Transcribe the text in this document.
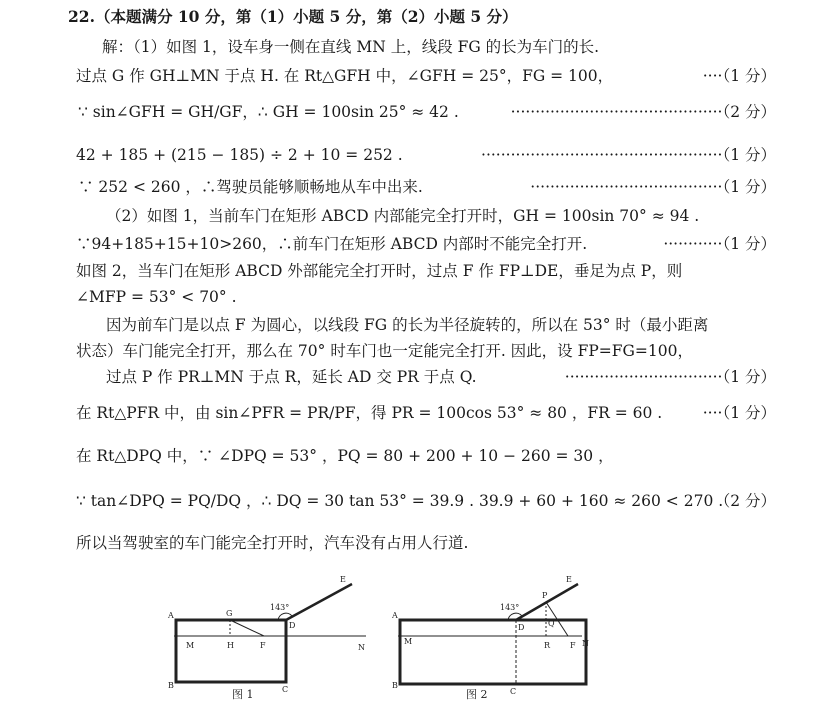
22.（本题满分 10 分，第（1）小题 5 分，第（2）小题 5 分）
解：（1）如图 1，设车身一侧在直线 MN 上，线段 FG 的长为车门的长.
过点 G 作 GH⊥MN 于点 H. 在 Rt△GFH 中，∠GFH = 25°，FG = 100，	····（1 分）
∵ sin∠GFH = GH/GF，∴ GH = 100sin 25° ≈ 42 .	···········································（2 分）
42 + 185 + (215 − 185) ÷ 2 + 10 = 252 .	·················································（1 分）
∵ 252 < 260 ，∴驾驶员能够顺畅地从车中出来.	·······································（1 分）
（2）如图 1，当前车门在矩形 ABCD 内部能完全打开时，GH = 100sin 70° ≈ 94 .
∵94+185+15+10>260，∴前车门在矩形 ABCD 内部时不能完全打开.	············（1 分）
如图 2，当车门在矩形 ABCD 外部能完全打开时，过点 F 作 FP⊥DE，垂足为点 P，则
∠MFP = 53° < 70° .
因为前车门是以点 F 为圆心，以线段 FG 的长为半径旋转的，所以在 53° 时（最小距离
状态）车门能完全打开，那么在 70° 时车门也一定能完全打开. 因此，设 FP=FG=100，
过点 P 作 PR⊥MN 于点 R，延长 AD 交 PR 于点 Q.	································（1 分）
在 Rt△PFR 中，由 sin∠PFR = PR/PF，得 PR = 100cos 53° ≈ 80 ，FR = 60 .	····（1 分）
在 Rt△DPQ 中，∵ ∠DPQ = 53° ，PQ = 80 + 200 + 10 − 260 = 30 ，
∵ tan∠DPQ = PQ/DQ ，∴ DQ = 30 tan 53° = 39.9 . 39.9 + 60 + 160 ≈ 260 < 270 .
（2 分）
所以当驾驶室的车门能完全打开时，汽车没有占用人行道.
A
B	C
D
E
F
G
H
M	N
143°
图 1
A
B
C
D
E
F
M	N
P
Q
R
143°
图 2
